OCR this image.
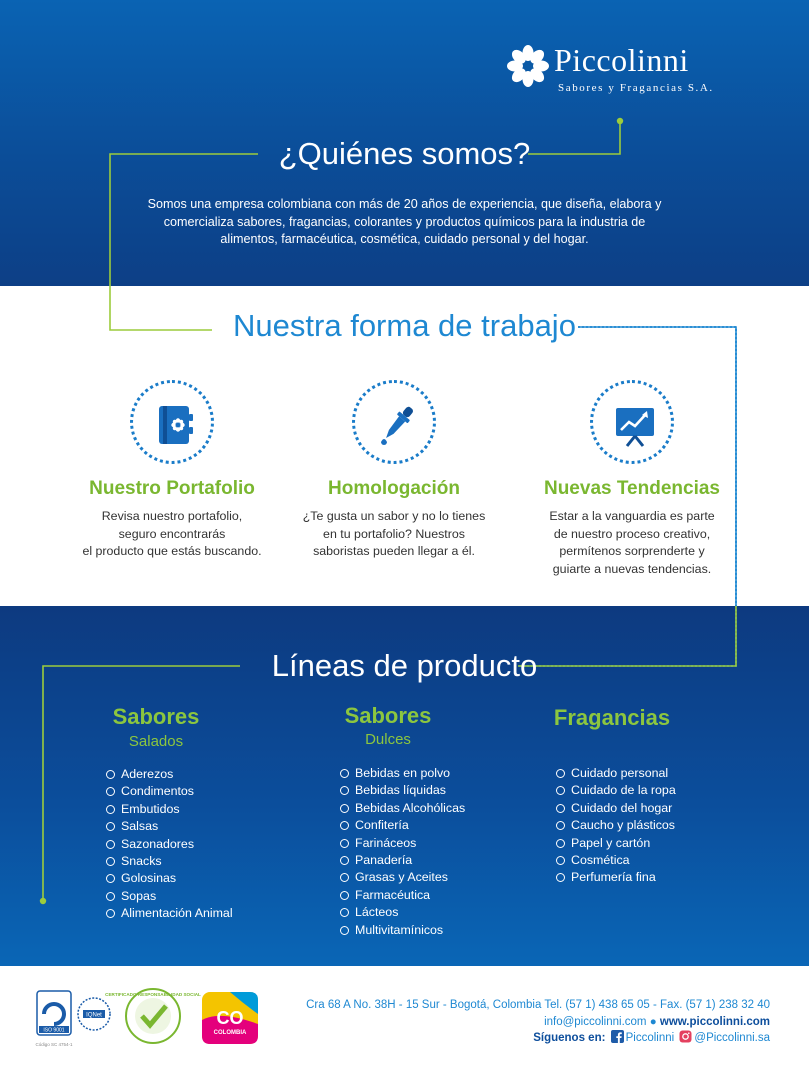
Piccolinni
Sabores y Fragancias S.A.
¿Quiénes somos?
Somos una empresa colombiana con más de 20 años de experiencia, que diseña, elabora y comercializa sabores, fragancias, colorantes y productos químicos para la industria de alimentos, farmacéutica, cosmética, cuidado personal y del hogar.
Nuestra forma de trabajo
Nuestro Portafolio
Revisa nuestro portafolio,
seguro encontrarás
el producto que estás buscando.
Homologación
¿Te gusta un sabor y no lo tienes
en tu portafolio? Nuestros
saboristas pueden llegar a él.
Nuevas Tendencias
Estar a la vanguardia es parte
de nuestro proceso creativo,
permítenos sorprenderte y
guiarte a nuevas tendencias.
Líneas de producto
Sabores
Salados
Aderezos
Condimentos
Embutidos
Salsas
Sazonadores
Snacks
Golosinas
Sopas
Alimentación Animal
Sabores
Dulces
Bebidas en polvo
Bebidas líquidas
Bebidas Alcohólicas
Confitería
Farináceos
Panadería
Grasas y Aceites
Farmacéutica
Lácteos
Multivitamínicos
Fragancias
Cuidado personal
Cuidado de la ropa
Cuidado del hogar
Caucho y plásticos
Papel y cartón
Cosmética
Perfumería fina
ISO 9001
Código SC 4754-1
IQNet
CERTIFICADO RESPONSABILIDAD SOCIAL
CO
COLOMBIA
Cra 68 A No. 38H - 15 Sur - Bogotá, Colombia Tel. (57 1) 438 65 05 - Fax. (57 1) 238 32 40
info@piccolinni.com ● www.piccolinni.com
Síguenos en: Piccolinni @Piccolinni.sa
